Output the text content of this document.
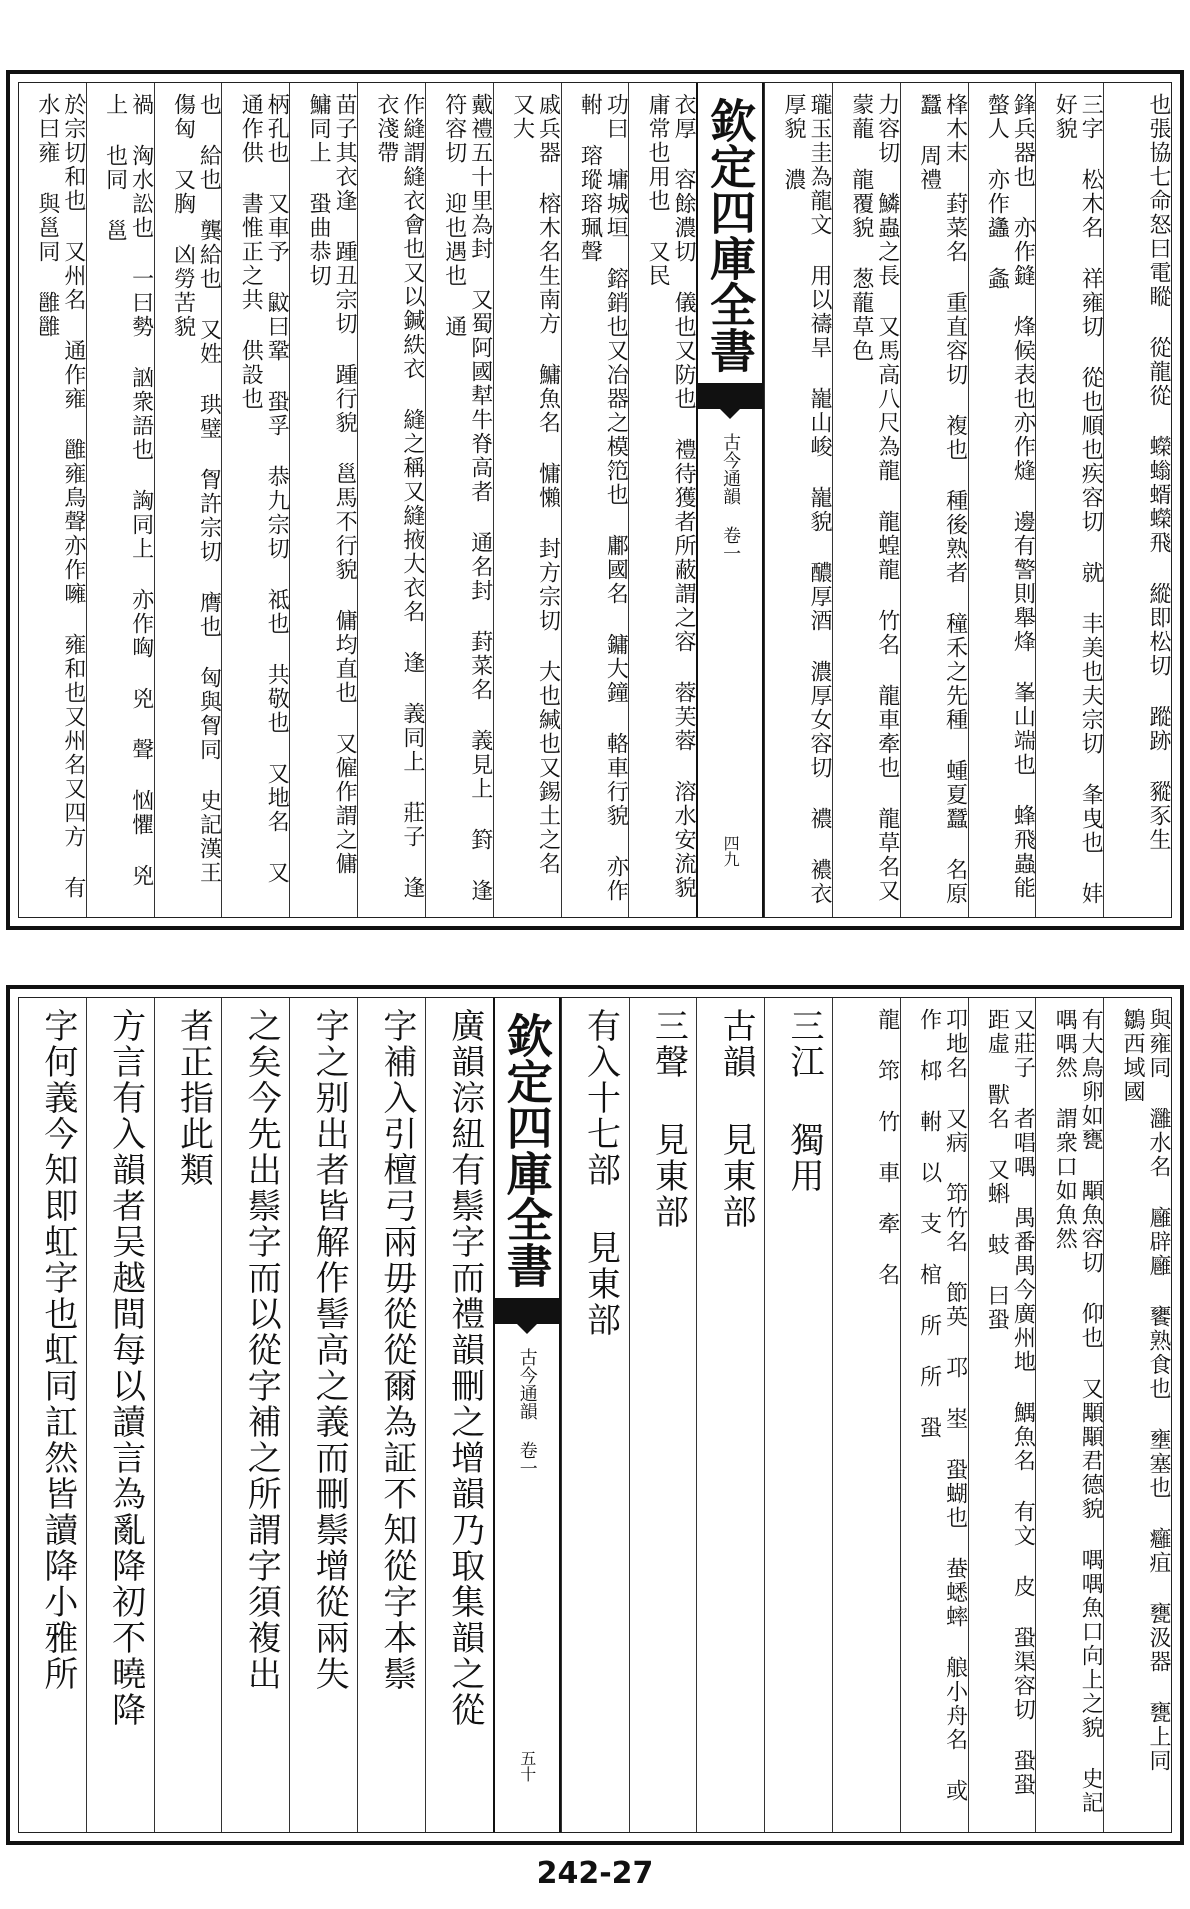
也張協七命怒曰電瞛 從龍從 蠑螉蝑蠑飛 縱即松切 蹤跡 豵豕生
三字 松木名 祥雍切 從也順也疾容切 就 丰美也夫宗切 夆曳也 妦好貌
鋒兵器也 亦作鏠 烽候表也亦作熢 邊有警則舉烽 峯山端也 蜂飛蟲能螫人 亦作蠭 螽
桻木末 葑菜名 重直容切 複也 種後熟者 穜禾之先種 蝩夏蠶 名原蠶 周禮
力容切 鱗蟲之長 又馬高八尺為龍 龍蝗龍 竹名 龍車牽也 龍草名又蒙蘢 龍覆貌 葱蘢草色
瓏玉圭為龍文 用以禱旱 巃山峻 巃貌 醲厚酒 濃厚女容切 禯 襛衣厚貌 濃
欽定四庫全書
古今通韻 卷一
四九
衣厚 容餘濃切 儀也又防也 禮待獲者所蔽謂之容 蓉芙蓉 溶水安流貌 庸常也用也 又民
功曰 墉城垣 鎔銷也又冶器之模笵也 鄘國名 鏞大鐘 輅車行貌 亦作軵 瑢瑽瑢珮聲
戚兵器 榕木名生南方 鱅魚名 慵懶 封方宗切 大也緘也又錫土之名 又大
戴禮五十里為封 又蜀阿國犎牛脊高者 通名封 葑菜名 義見上 篈 逢符容切 迎也遇也 通
作縫謂縫衣會也又以鍼紩衣 縫之稱又縫掖大衣名 逢 義同上 莊子 逢衣淺帶
苗子其衣逢 踵丑宗切 踵行貌 邕馬不行貌 傭均直也 又僱作謂之傭 鱅同上 蛩曲恭切
柄孔也 又車予 鼤曰鞏 蛩孚 恭九宗切 祗也 共敬也 又地名 又通作供 書惟正之共 供設也
也 給也 龔給也 又姓 珙璧 胷許宗切 膺也 匈與胷同 史記漢王傷匈 又胸 凶勞苦貌
禍 洶水訟也 一曰勢 訩衆語也 詾同上 亦作哅 兇 聲 忷懼 兇 上 也同 邕
於宗切和也 又州名 通作雍 雝雍鳥聲亦作噰 雍和也又州名又四方 有水曰雍 與邕同 雝雝
與雍同 灉水名 廱辟廱 饔熟食也 壅塞也 癰疽 甕汲器 甕上同 鶵西域國
有大鳥卵如甕 顒魚容切 仰也 又顒顒君德貌 喁喁魚口向上之貌 史記喁喁然 謂衆口如魚然
又莊子 者唱喁 禺番禺今廣州地 鰅魚名 有文 皮 蛩渠容切 蛩蛩 距虛 獸名 又蝌 蚑 曰蛩
卭地名 又病 笻竹名 節英 邛 埊 蛩蝴也 蛬蟋蟀 艆小舟名 或作 桏 軵 以 支 棺 所 所 蛩
龍 筇 竹 車 牽 名
三江 獨用
古韻 見東部
三聲 見東部
有入十七部 見東部
欽定四庫全書
古今通韻 卷一
五十
廣韻淙紐有鬃字而禮韻刪之增韻乃取集韻之從
字補入引檀弓兩毋從從爾為証不知從字本鬃
字之别出者皆解作髻高之義而刪鬃增從兩失
之矣今先出鬃字而以從字補之所謂字須複出
者正指此類
方言有入韻者吴越間每以讀言為亂降初不曉降
字何義今知即虹字也虹同訌然皆讀降小雅所
242-27
